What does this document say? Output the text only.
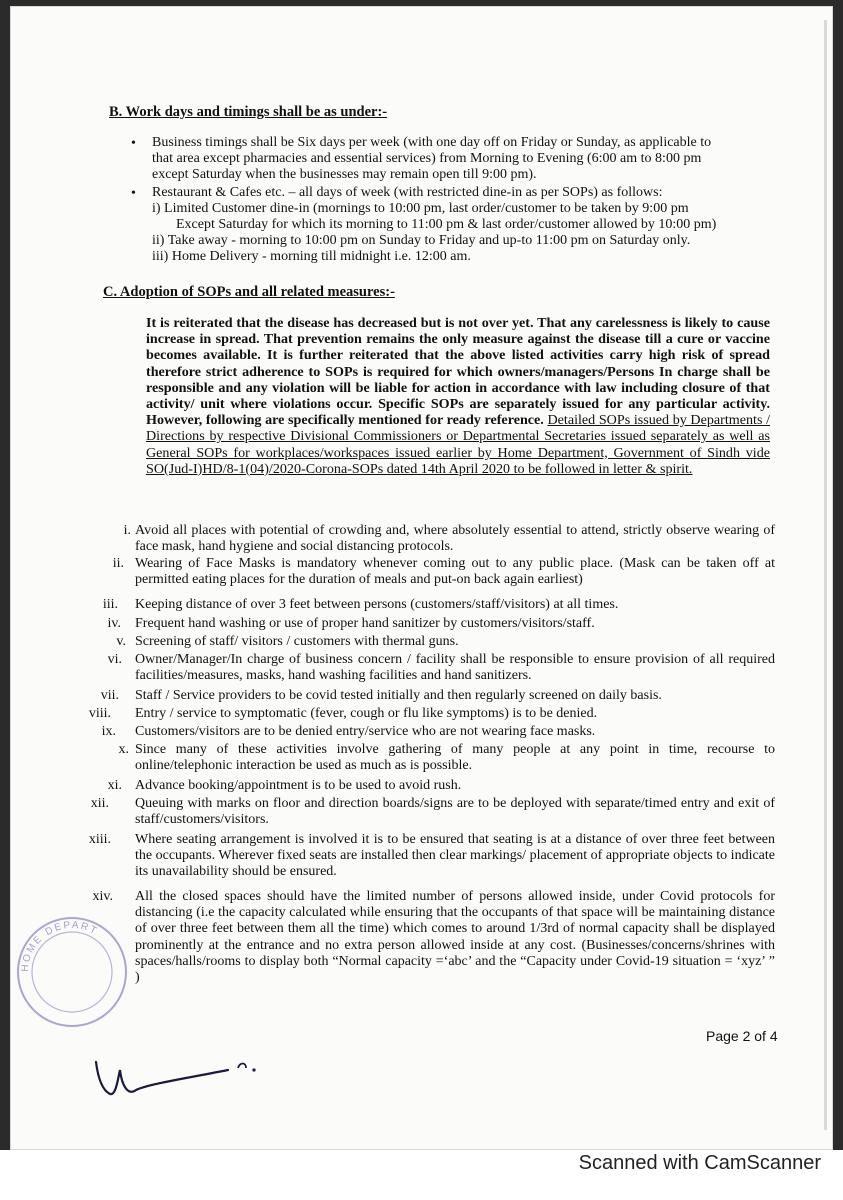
B. Work days and timings shall be as under:-
• Business timings shall be Six days per week (with one day off on Friday or Sunday, as applicable to
that area except pharmacies and essential services) from Morning to Evening (6:00 am to 8:00 pm
except Saturday when the businesses may remain open till 9:00 pm).
• Restaurant & Cafes etc. – all days of week (with restricted dine-in as per SOPs) as follows:
i) Limited Customer dine-in (mornings to 10:00 pm, last order/customer to be taken by 9:00 pm
Except Saturday for which its morning to 11:00 pm & last order/customer allowed by 10:00 pm)
ii) Take away - morning to 10:00 pm on Sunday to Friday and up-to 11:00 pm on Saturday only.
iii) Home Delivery - morning till midnight i.e. 12:00 am.
C. Adoption of SOPs and all related measures:-
It is reiterated that the disease has decreased but is not over yet. That any carelessness is likely to cause increase in spread. That prevention remains the only measure against the disease till a cure or vaccine becomes available. It is further reiterated that the above listed activities carry high risk of spread therefore strict adherence to SOPs is required for which owners/managers/Persons In charge shall be responsible and any violation will be liable for action in accordance with law including closure of that activity/ unit where violations occur. Specific SOPs are separately issued for any particular activity. However, following are specifically mentioned for ready reference. Detailed SOPs issued by Departments / Directions by respective Divisional Commissioners or Departmental Secretaries issued separately as well as General SOPs for workplaces/workspaces issued earlier by Home Department, Government of Sindh vide SO(Jud-I)HD/8-1(04)/2020-Corona-SOPs dated 14th April 2020 to be followed in letter & spirit.
i. Avoid all places with potential of crowding and, where absolutely essential to attend, strictly observe wearing of face mask, hand hygiene and social distancing protocols.
ii. Wearing of Face Masks is mandatory whenever coming out to any public place. (Mask can be taken off at permitted eating places for the duration of meals and put-on back again earliest)
iii. Keeping distance of over 3 feet between persons (customers/staff/visitors) at all times.
iv. Frequent hand washing or use of proper hand sanitizer by customers/visitors/staff.
v. Screening of staff/ visitors / customers with thermal guns.
vi. Owner/Manager/In charge of business concern / facility shall be responsible to ensure provision of all required facilities/measures, masks, hand washing facilities and hand sanitizers.
vii. Staff / Service providers to be covid tested initially and then regularly screened on daily basis.
viii. Entry / service to symptomatic (fever, cough or flu like symptoms) is to be denied.
ix. Customers/visitors are to be denied entry/service who are not wearing face masks.
x. Since many of these activities involve gathering of many people at any point in time, recourse to online/telephonic interaction be used as much as is possible.
xi. Advance booking/appointment is to be used to avoid rush.
xii. Queuing with marks on floor and direction boards/signs are to be deployed with separate/timed entry and exit of staff/customers/visitors.
xiii. Where seating arrangement is involved it is to be ensured that seating is at a distance of over three feet between the occupants. Wherever fixed seats are installed then clear markings/ placement of appropriate objects to indicate its unavailability should be ensured.
xiv. All the closed spaces should have the limited number of persons allowed inside, under Covid protocols for distancing (i.e the capacity calculated while ensuring that the occupants of that space will be maintaining distance of over three feet between them all the time) which comes to around 1/3rd of normal capacity shall be displayed prominently at the entrance and no extra person allowed inside at any cost. (Businesses/concerns/shrines with spaces/halls/rooms to display both “Normal capacity =‘abc’ and the “Capacity under Covid-19 situation = ‘xyz’ ” )
Page 2 of 4
HOME DEPART
Scanned with CamScanner
